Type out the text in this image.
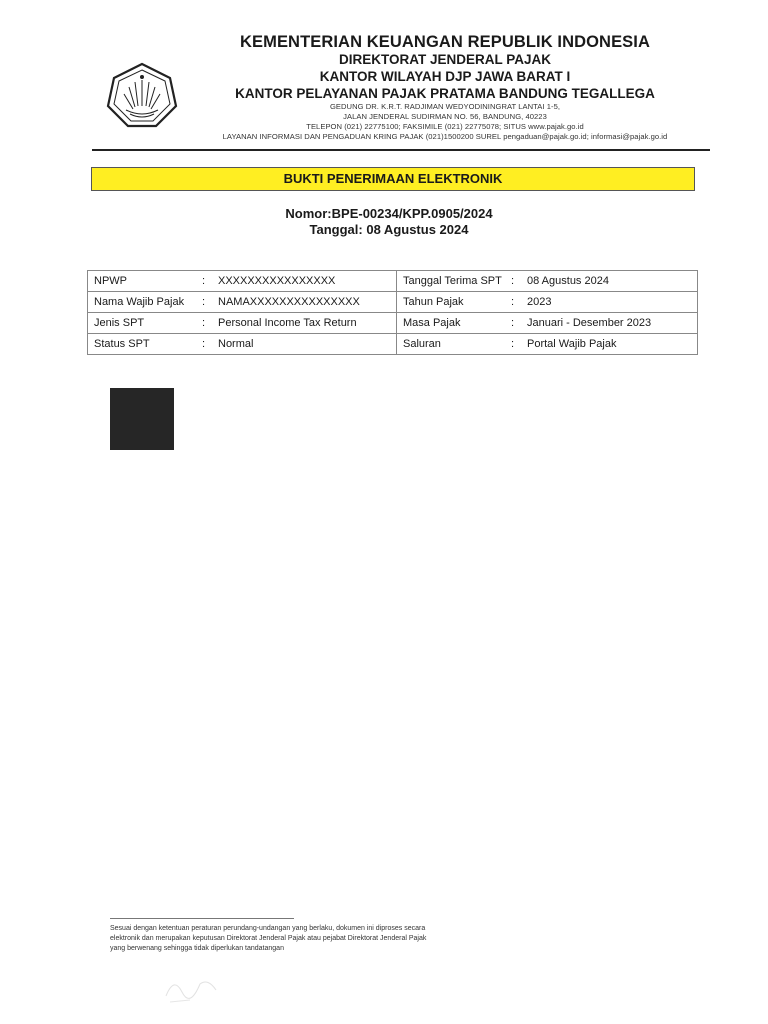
KEMENTERIAN KEUANGAN REPUBLIK INDONESIA
DIREKTORAT JENDERAL PAJAK
KANTOR WILAYAH DJP JAWA BARAT I
KANTOR PELAYANAN PAJAK PRATAMA BANDUNG TEGALLEGA
GEDUNG DR. K.R.T. RADJIMAN WEDYODININGRAT LANTAI 1-5,
JALAN JENDERAL SUDIRMAN NO. 56, BANDUNG, 40223
TELEPON (021) 22775100; FAKSIMILE (021) 22775078; SITUS www.pajak.go.id
LAYANAN INFORMASI DAN PENGADUAN KRING PAJAK (021)1500200 SUREL pengaduan@pajak.go.id; informasi@pajak.go.id
BUKTI PENERIMAAN ELEKTRONIK
Nomor:BPE-00234/KPP.0905/2024
Tanggal: 08 Agustus 2024
NPWP	:	XXXXXXXXXXXXXXXX	Tanggal Terima SPT	:	08 Agustus 2024
Nama Wajib Pajak	:	NAMAXXXXXXXXXXXXXXX	Tahun Pajak	:	2023
Jenis SPT	:	Personal Income Tax Return	Masa Pajak	:	Januari - Desember 2023
Status SPT	:	Normal	Saluran	:	Portal Wajib Pajak
Sesuai dengan ketentuan peraturan perundang-undangan yang berlaku, dokumen ini diproses secara elektronik dan merupakan keputusan Direktorat Jenderal Pajak atau pejabat Direktorat Jenderal Pajak yang berwenang sehingga tidak diperlukan tandatangan
